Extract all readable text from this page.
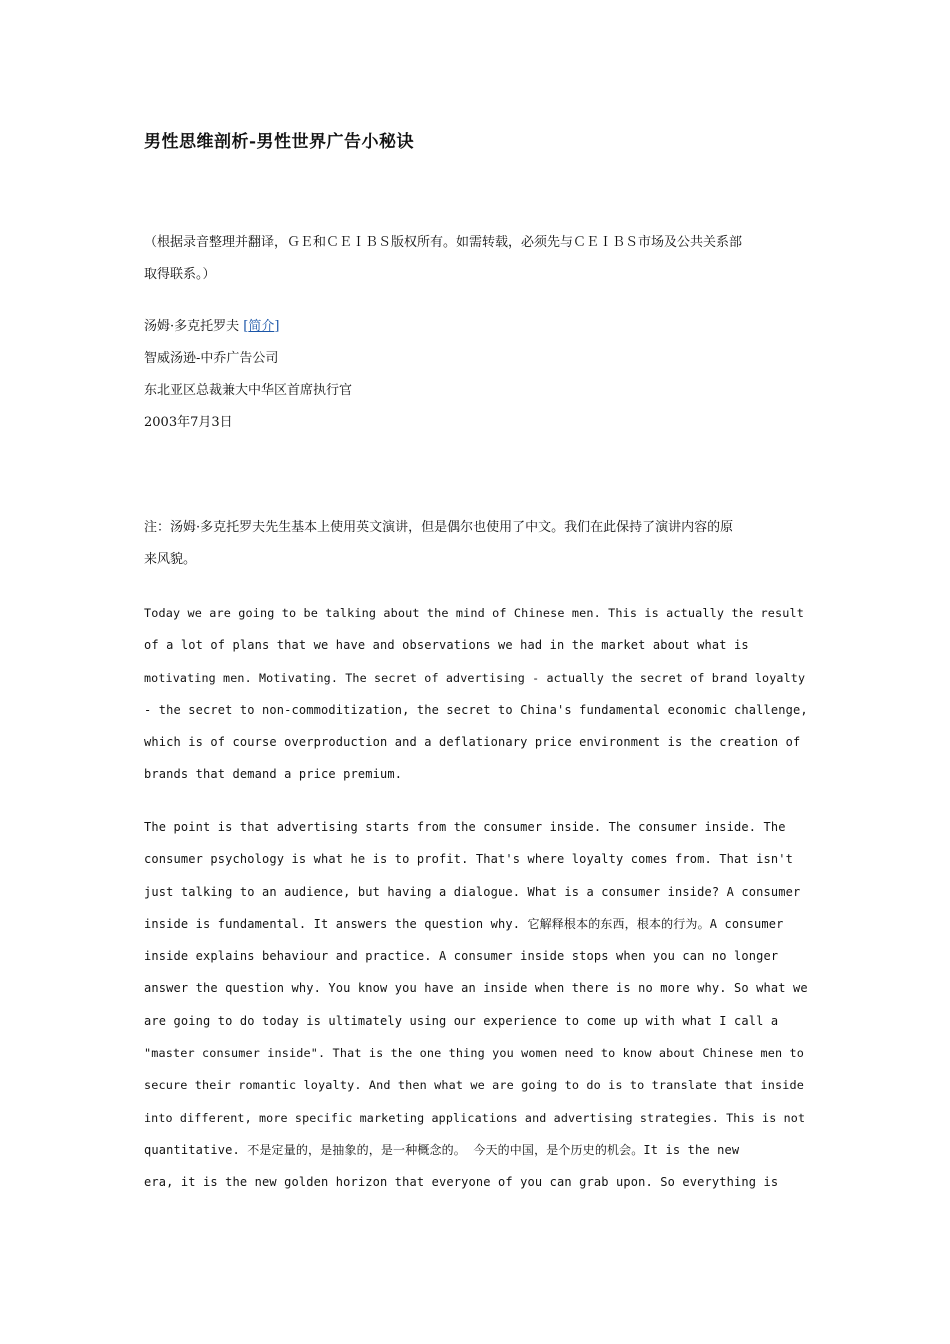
男性思维剖析-男性世界广告小秘诀
（根据录音整理并翻译，ＧＥ和ＣＥＩＢＳ版权所有。如需转载，必须先与ＣＥＩＢＳ市场及公共关系部
取得联系。）
汤姆·多克托罗夫 [简介]
智威汤逊-中乔广告公司
东北亚区总裁兼大中华区首席执行官
2003年7月3日
注：汤姆·多克托罗夫先生基本上使用英文演讲，但是偶尔也使用了中文。我们在此保持了演讲内容的原
来风貌。
Today we are going to be talking about the mind of Chinese men. This is actually the result
of a lot of plans that we have and observations we had in the market about what is
motivating men. Motivating. The secret of advertising - actually the secret of brand loyalty
- the secret to non-commoditization, the secret to China's fundamental economic challenge,
which is of course overproduction and a deflationary price environment is the creation of
brands that demand a price premium.
The point is that advertising starts from the consumer inside. The consumer inside. The
consumer psychology is what he is to profit. That's where loyalty comes from. That isn't
just talking to an audience, but having a dialogue. What is a consumer inside? A consumer
inside is fundamental. It answers the question why. 它解释根本的东西，根本的行为。A consumer
inside explains behaviour and practice. A consumer inside stops when you can no longer
answer the question why. You know you have an inside when there is no more why. So what we
are going to do today is ultimately using our experience to come up with what I call a
"master consumer inside". That is the one thing you women need to know about Chinese men to
secure their romantic loyalty. And then what we are going to do is to translate that inside
into different, more specific marketing applications and advertising strategies. This is not
quantitative. 不是定量的，是抽象的，是一种概念的。 今天的中国，是个历史的机会。It is the new
era, it is the new golden horizon that everyone of you can grab upon. So everything is
